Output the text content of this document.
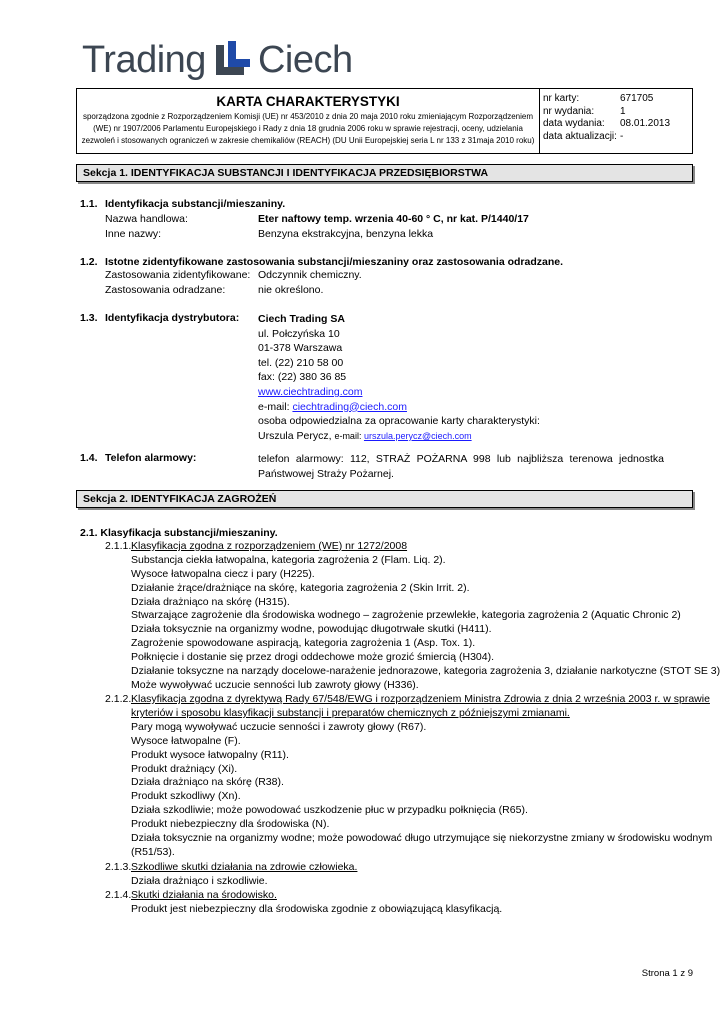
Trading Ciech
KARTA CHARAKTERYSTYKI
sporządzona zgodnie z Rozporządzeniem Komisji (UE) nr 453/2010 z dnia 20 maja 2010 roku zmieniającym Rozporządzeniem
(WE) nr 1907/2006 Parlamentu Europejskiego i Rady z dnia 18 grudnia 2006 roku w sprawie rejestracji, oceny, udzielania
zezwoleń i stosowanych ograniczeń w zakresie chemikaliów (REACH) (DU Unii Europejskiej seria L nr 133 z 31maja 2010 roku)
nr karty:	671705
nr wydania:	1
data wydania:	08.01.2013
data aktualizacji: -
Sekcja 1. IDENTYFIKACJA SUBSTANCJI I IDENTYFIKACJA PRZEDSIĘBIORSTWA
1.1. Identyfikacja substancji/mieszaniny.
Nazwa handlowa:	Eter naftowy temp. wrzenia 40-60 ° C, nr kat. P/1440/17
Inne nazwy:	Benzyna ekstrakcyjna, benzyna lekka
1.2. Istotne zidentyfikowane zastosowania substancji/mieszaniny oraz zastosowania odradzane.
Zastosowania zidentyfikowane: Odczynnik chemiczny.
Zastosowania odradzane:	nie określono.
1.3. Identyfikacja dystrybutora: Ciech Trading SA
ul. Połczyńska 10
01-378 Warszawa
tel. (22) 210 58 00
fax: (22) 380 36 85
www.ciechtrading.com
e-mail: ciechtrading@ciech.com
osoba odpowiedzialna za opracowanie karty charakterystyki:
Urszula Perycz, e-mail: urszula.perycz@ciech.com
1.4. Telefon alarmowy:	telefon alarmowy: 112, STRAŻ POŻARNA 998 lub najbliższa terenowa jednostka
Państwowej Straży Pożarnej.
Sekcja 2. IDENTYFIKACJA ZAGROŻEŃ
2.1. Klasyfikacja substancji/mieszaniny.
2.1.1. Klasyfikacja zgodna z rozporządzeniem (WE) nr 1272/2008
Substancja ciekła łatwopalna, kategoria zagrożenia 2 (Flam. Liq. 2).
Wysoce łatwopalna ciecz i pary (H225).
Działanie żrące/drażniące na skórę, kategoria zagrożenia 2 (Skin Irrit. 2).
Działa drażniąco na skórę (H315).
Stwarzające zagrożenie dla środowiska wodnego – zagrożenie przewlekłe, kategoria zagrożenia 2 (Aquatic Chronic 2)
Działa toksycznie na organizmy wodne, powodując długotrwałe skutki (H411).
Zagrożenie spowodowane aspiracją, kategoria zagrożenia 1 (Asp. Tox. 1).
Połknięcie i dostanie się przez drogi oddechowe może grozić śmiercią (H304).
Działanie toksyczne na narządy docelowe-narażenie jednorazowe, kategoria zagrożenia 3, działanie narkotyczne (STOT SE 3)
Może wywoływać uczucie senności lub zawroty głowy (H336).
2.1.2. Klasyfikacja zgodna z dyrektywą Rady 67/548/EWG i rozporządzeniem Ministra Zdrowia z dnia 2 września 2003 r. w sprawie
kryteriów i sposobu klasyfikacji substancji i preparatów chemicznych z późniejszymi zmianami.
Pary mogą wywoływać uczucie senności i zawroty głowy (R67).
Wysoce łatwopalne (F).
Produkt wysoce łatwopalny (R11).
Produkt drażniący (Xi).
Działa drażniąco na skórę (R38).
Produkt szkodliwy (Xn).
Działa szkodliwie; może powodować uszkodzenie płuc w przypadku połknięcia (R65).
Produkt niebezpieczny dla środowiska (N).
Działa toksycznie na organizmy wodne; może powodować długo utrzymujące się niekorzystne zmiany w środowisku wodnym
(R51/53).
2.1.3. Szkodliwe skutki działania na zdrowie człowieka.
Działa drażniąco i szkodliwie.
2.1.4. Skutki działania na środowisko.
Produkt jest niebezpieczny dla środowiska zgodnie z obowiązującą klasyfikacją.
Strona 1 z 9
